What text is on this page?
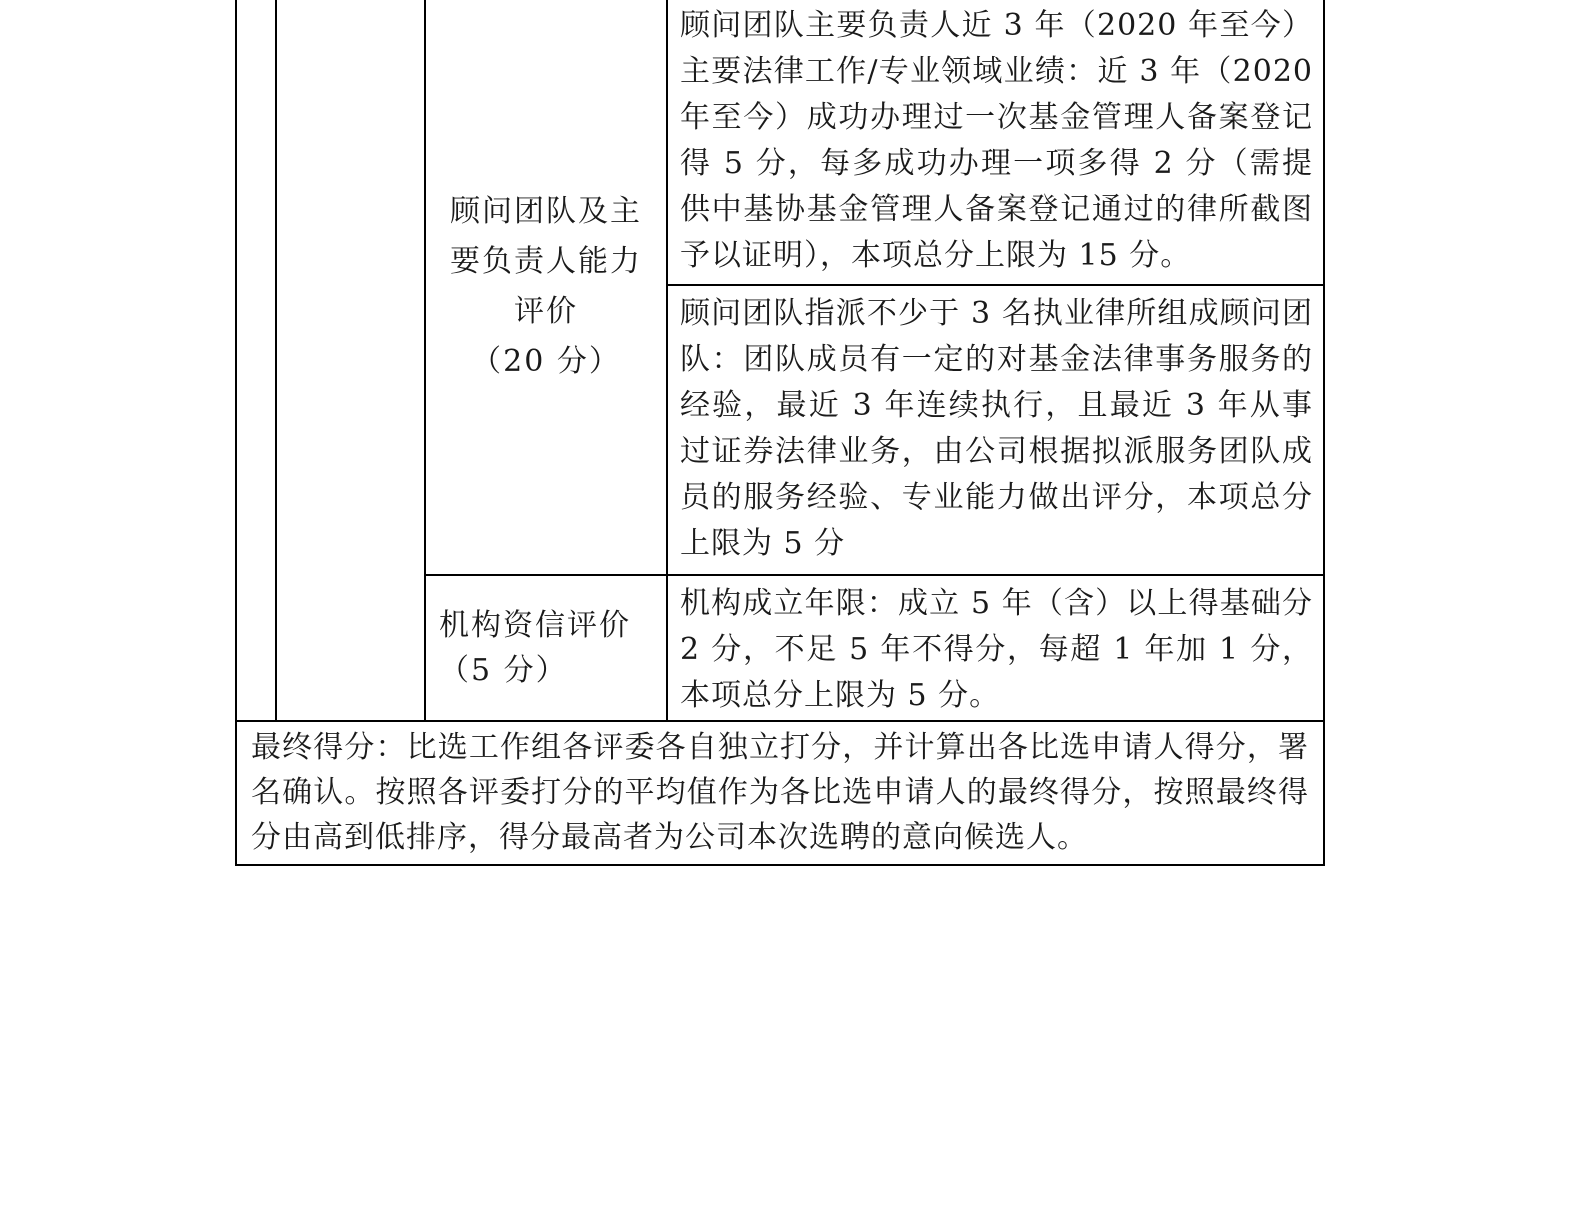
顾问团队及主要负责人能力评价
（20 分）
机构资信评价
（5 分）
顾问团队主要负责人近 3 年（2020 年至今）主要法律工作/专业领域业绩：近 3 年（2020 年至今）成功办理过一次基金管理人备案登记得 5 分，每多成功办理一项多得 2 分（需提供中基协基金管理人备案登记通过的律所截图予以证明），本项总分上限为 15 分。
顾问团队指派不少于 3 名执业律所组成顾问团队：团队成员有一定的对基金法律事务服务的经验，最近 3 年连续执行，且最近 3 年从事过证券法律业务，由公司根据拟派服务团队成员的服务经验、专业能力做出评分，本项总分上限为 5 分
机构成立年限：成立 5 年（含）以上得基础分 2 分，不足 5 年不得分，每超 1 年加 1 分，本项总分上限为 5 分。
最终得分：比选工作组各评委各自独立打分，并计算出各比选申请人得分，署名确认。按照各评委打分的平均值作为各比选申请人的最终得分，按照最终得分由高到低排序，得分最高者为公司本次选聘的意向候选人。
